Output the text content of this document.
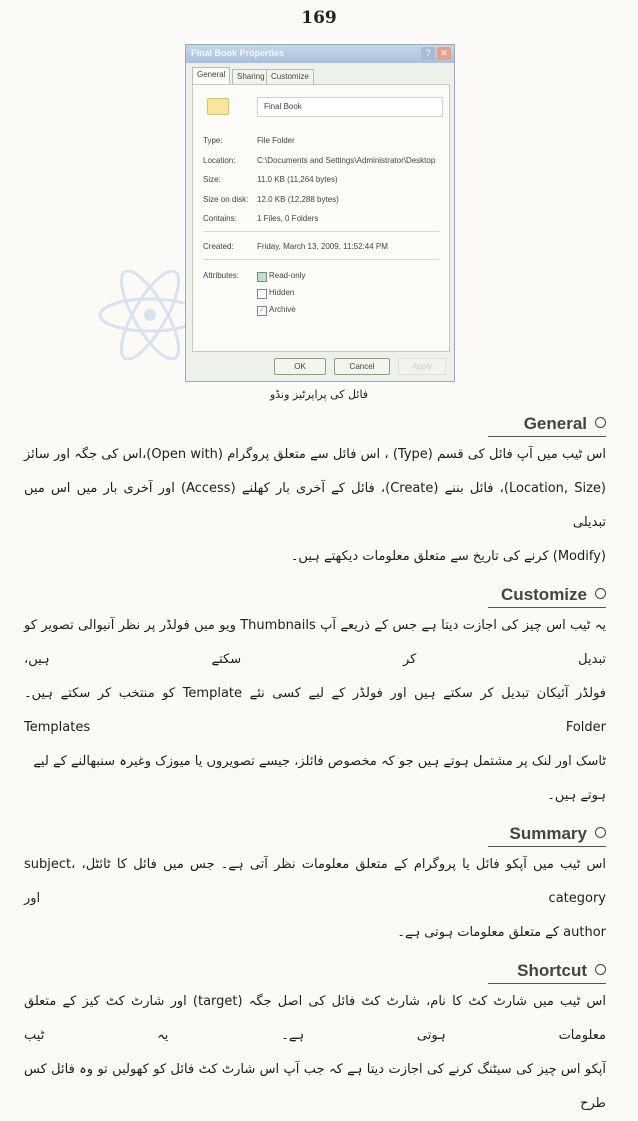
169
Final Book Properties	?	✕
General	Sharing Customize
Final Book
Type:	File Folder
Location:	C:\Documents and Settings\Administrator\Desktop
Size:	11.0 KB (11,264 bytes)
Size on disk: 12.0 KB (12,288 bytes)
Contains:	1 Files, 0 Folders
Created:	Friday, March 13, 2009, 11:52:44 PM
Attributes:	Read-only
Hidden
✓ Archive
OK	Cancel	Apply
فائل کی پراپرٹیز ونڈو
General
اس ٹیب میں آپ فائل کی قسم (Type) ، اس فائل سے متعلق پروگرام (Open with)،اس کی جگہ اور سائز
(Location, Size)، فائل بننے (Create)، فائل کے آخری بار کھلنے (Access) اور آخری بار میں اس میں تبدیلی
(Modify) کرنے کی تاریخ سے متعلق معلومات دیکھتے ہیں۔
Customize
یہ ٹیب اس چیز کی اجازت دیتا ہے جس کے ذریعے آپ Thumbnails ویو میں فولڈر پر نظر آنیوالی تصویر کو تبدیل کر سکتے ہیں،
فولڈر آئیکان تبدیل کر سکتے ہیں اور فولڈر کے لیے کسی نئے Template کو منتخب کر سکتے ہیں۔ Templates Folder
ٹاسک اور لنک پر مشتمل ہوتے ہیں جو کہ مخصوص فائلز، جیسے تصویروں یا میوزک وغیرہ سنبھالنے کے لیے ہوتے ہیں۔
Summary
اس ٹیب میں آپکو فائل یا پروگرام کے متعلق معلومات نظر آتی ہے۔ جس میں فائل کا ٹائٹل، subject، category اور
author کے متعلق معلومات ہوتی ہے۔
Shortcut
اس ٹیب میں شارٹ کٹ کا نام، شارٹ کٹ فائل کی اصل جگہ (target) اور شارٹ کٹ کیز کے متعلق معلومات ہوتی ہے۔ یہ ٹیب
آپکو اس چیز کی سیٹنگ کرنے کی اجازت دیتا ہے کہ جب آپ اس شارٹ کٹ فائل کو کھولیں تو وہ فائل کس طرح
